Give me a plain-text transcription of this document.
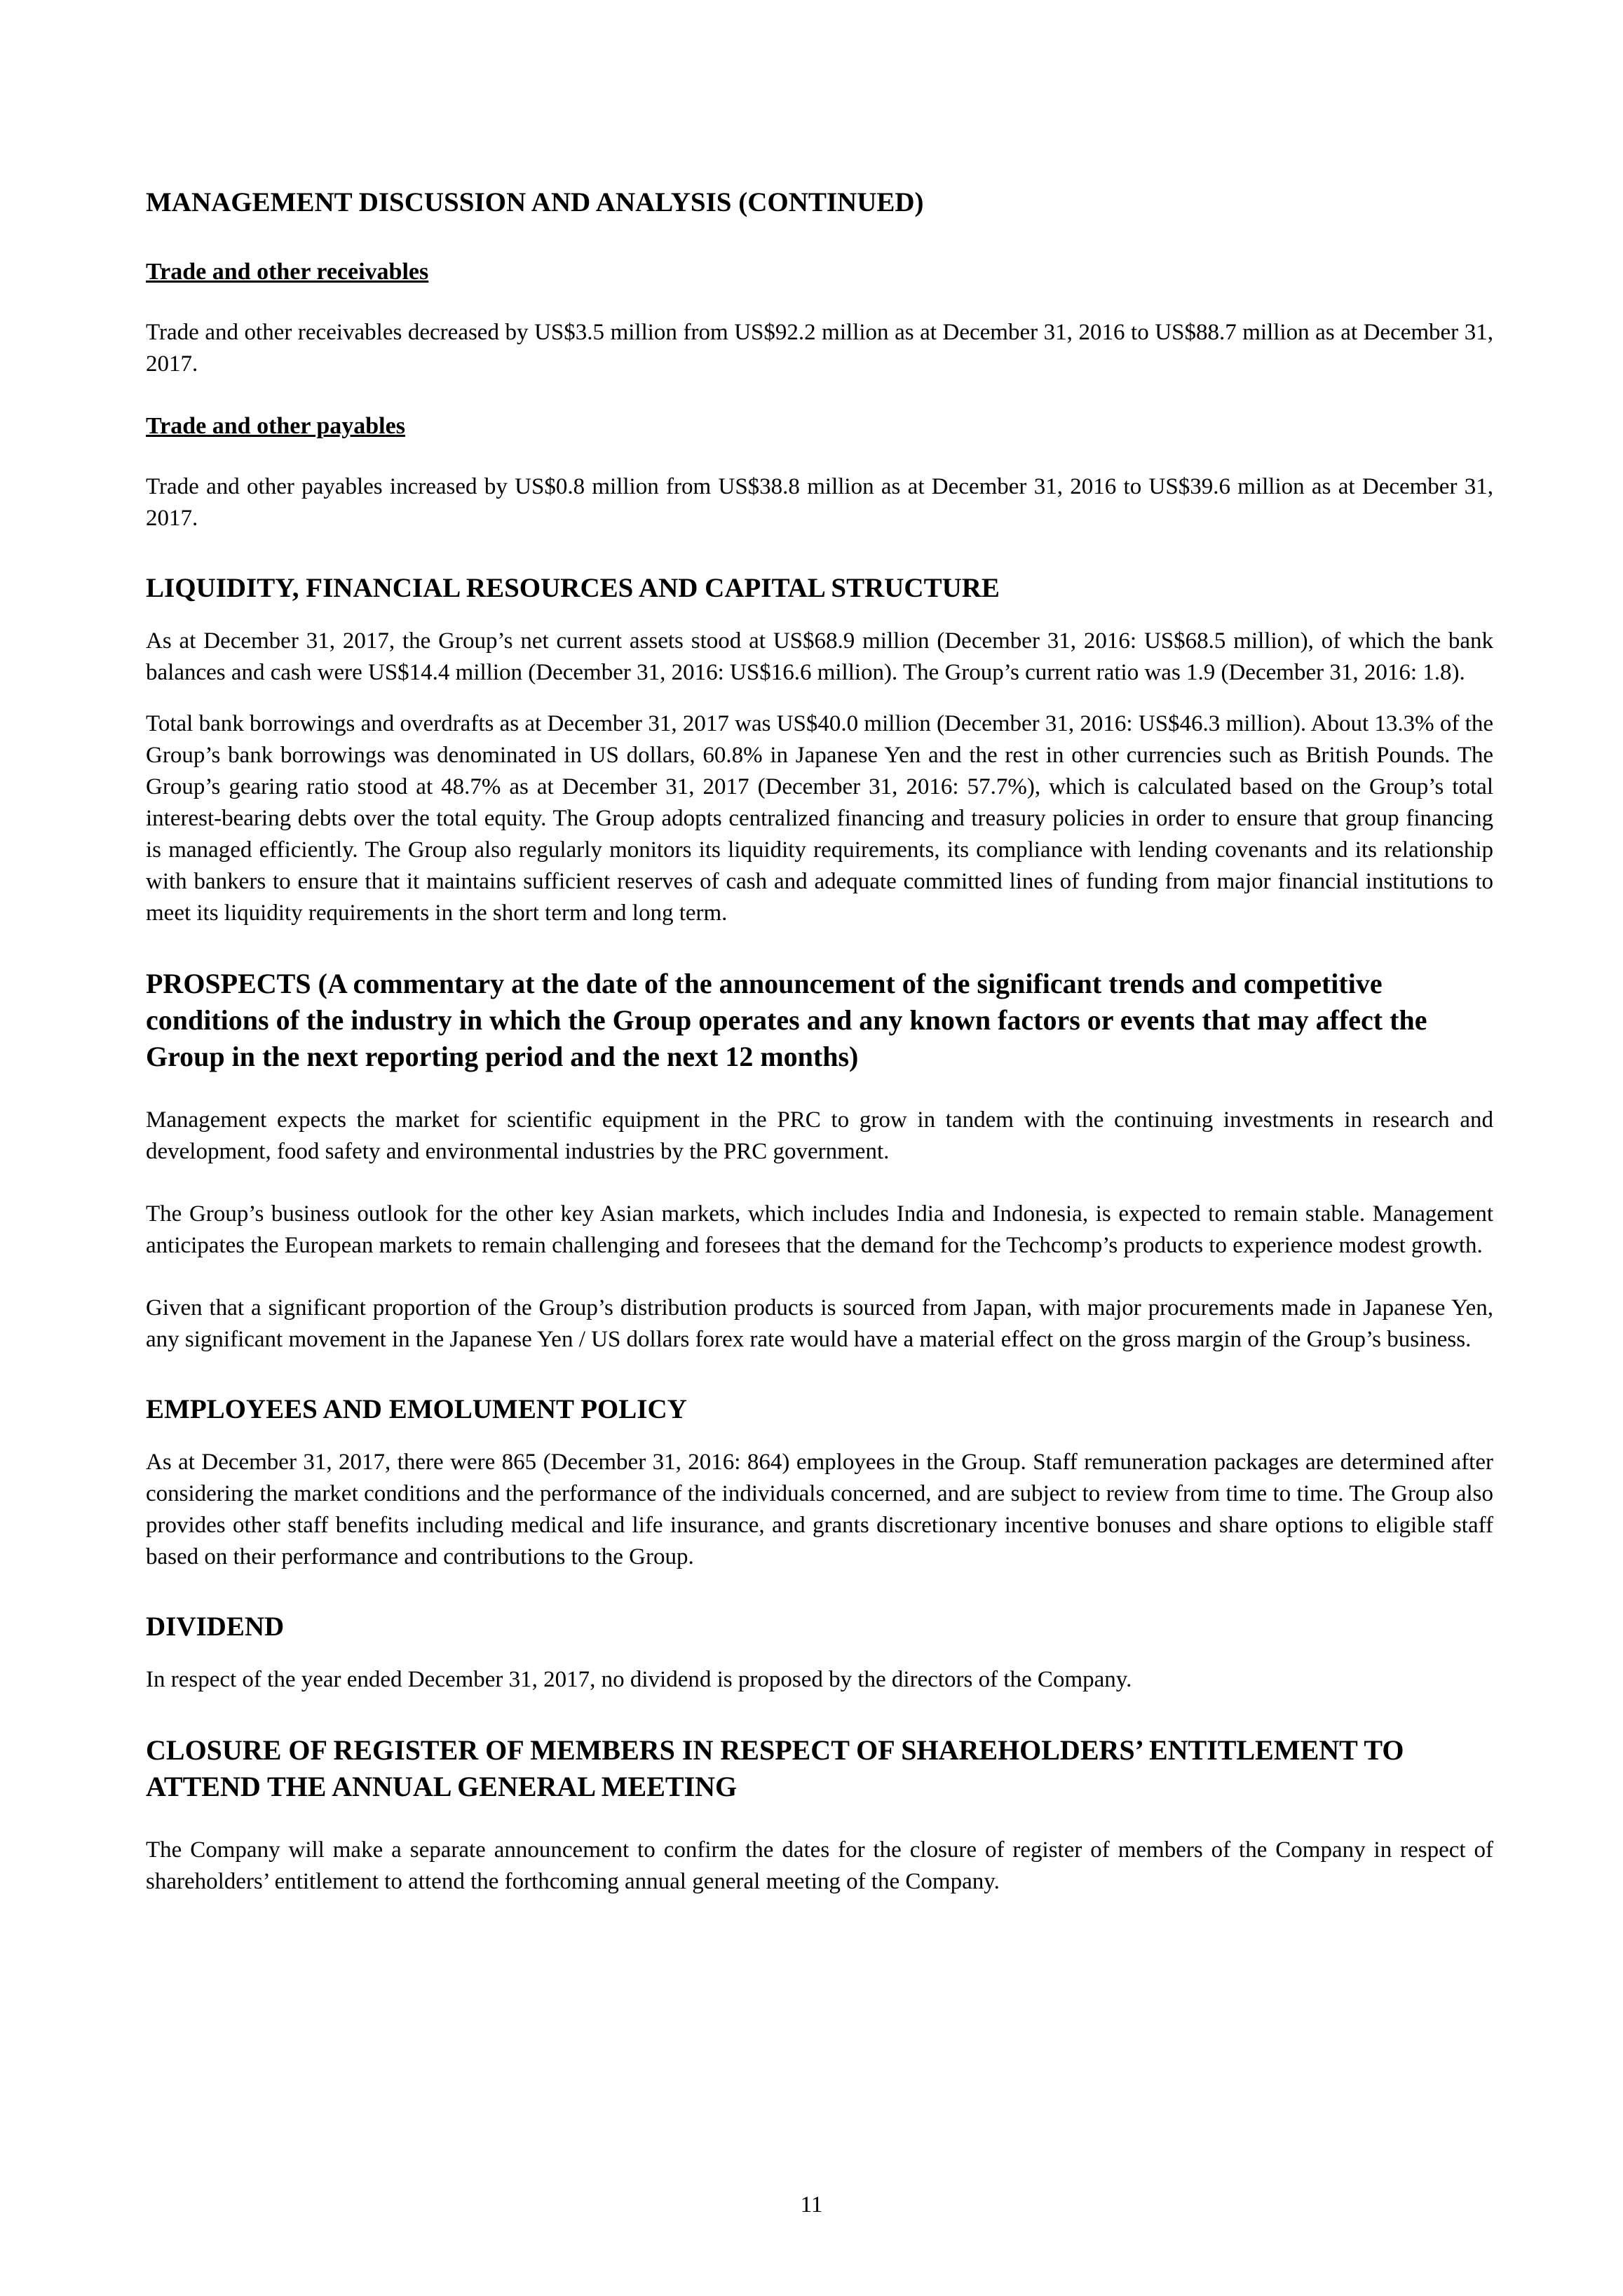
MANAGEMENT DISCUSSION AND ANALYSIS (CONTINUED)
Trade and other receivables

Trade and other receivables decreased by US$3.5 million from US$92.2 million as at December 31, 2016 to US$88.7 million as at December 31, 2017.

Trade and other payables

Trade and other payables increased by US$0.8 million from US$38.8 million as at December 31, 2016 to US$39.6 million as at December 31, 2017.

LIQUIDITY, FINANCIAL RESOURCES AND CAPITAL STRUCTURE

As at December 31, 2017, the Group’s net current assets stood at US$68.9 million (December 31, 2016: US$68.5 million), of which the bank balances and cash were US$14.4 million (December 31, 2016: US$16.6 million). The Group’s current ratio was 1.9 (December 31, 2016: 1.8).

Total bank borrowings and overdrafts as at December 31, 2017 was US$40.0 million (December 31, 2016: US$46.3 million). About 13.3% of the Group’s bank borrowings was denominated in US dollars, 60.8% in Japanese Yen and the rest in other currencies such as British Pounds. The Group’s gearing ratio stood at 48.7% as at December 31, 2017 (December 31, 2016: 57.7%), which is calculated based on the Group’s total interest-bearing debts over the total equity. The Group adopts centralized financing and treasury policies in order to ensure that group financing is managed efficiently. The Group also regularly monitors its liquidity requirements, its compliance with lending covenants and its relationship with bankers to ensure that it maintains sufficient reserves of cash and adequate committed lines of funding from major financial institutions to meet its liquidity requirements in the short term and long term.

PROSPECTS (A commentary at the date of the announcement of the significant trends and competitive conditions of the industry in which the Group operates and any known factors or events that may affect the Group in the next reporting period and the next 12 months)

Management expects the market for scientific equipment in the PRC to grow in tandem with the continuing investments in research and development, food safety and environmental industries by the PRC government.

The Group’s business outlook for the other key Asian markets, which includes India and Indonesia, is expected to remain stable. Management anticipates the European markets to remain challenging and foresees that the demand for the Techcomp’s products to experience modest growth.

Given that a significant proportion of the Group’s distribution products is sourced from Japan, with major procurements made in Japanese Yen, any significant movement in the Japanese Yen / US dollars forex rate would have a material effect on the gross margin of the Group’s business.

EMPLOYEES AND EMOLUMENT POLICY

As at December 31, 2017, there were 865 (December 31, 2016: 864) employees in the Group. Staff remuneration packages are determined after considering the market conditions and the performance of the individuals concerned, and are subject to review from time to time. The Group also provides other staff benefits including medical and life insurance, and grants discretionary incentive bonuses and share options to eligible staff based on their performance and contributions to the Group.

DIVIDEND

In respect of the year ended December 31, 2017, no dividend is proposed by the directors of the Company.

CLOSURE OF REGISTER OF MEMBERS IN RESPECT OF SHAREHOLDERS’ ENTITLEMENT TO ATTEND THE ANNUAL GENERAL MEETING

The Company will make a separate announcement to confirm the dates for the closure of register of members of the Company in respect of shareholders’ entitlement to attend the forthcoming annual general meeting of the Company.

11
